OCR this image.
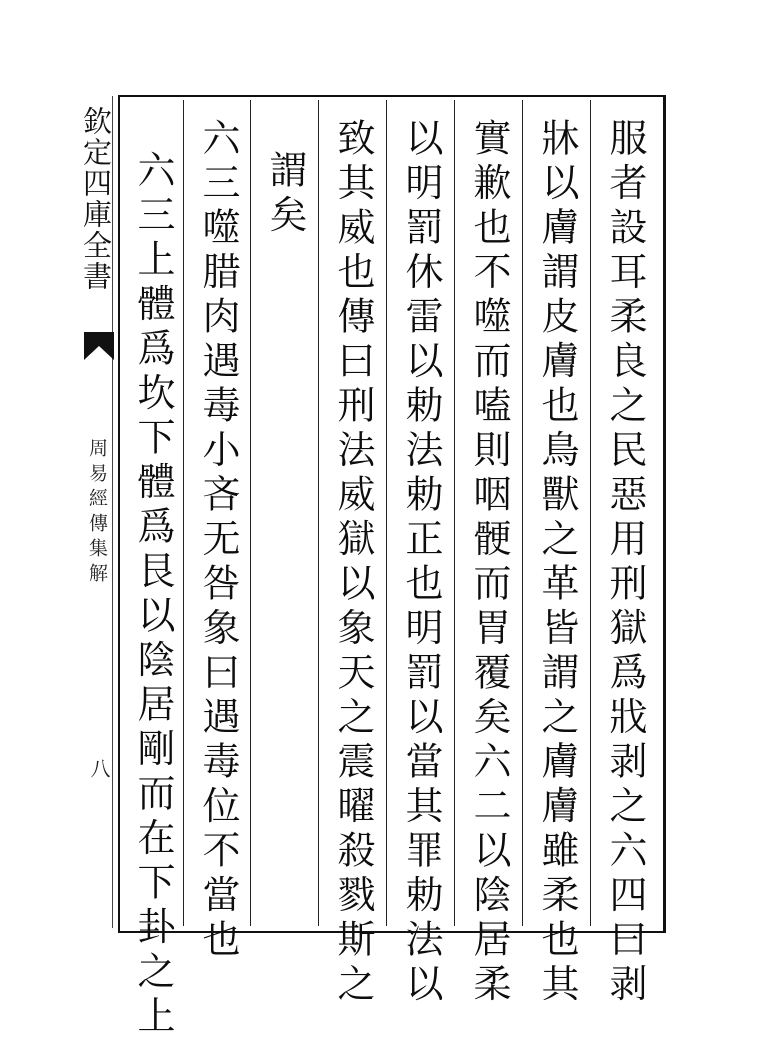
欽定四庫全書
周易經傳集解
八	服者設耳柔良之民惡用刑獄爲戕剥之六四曰剥
牀以膚謂皮膚也鳥獸之革皆謂之膚膚雖柔也其
實歉也不噬而嗑則咽骾而胃覆矣六二以陰居柔
以明罰休雷以勅法勅正也明罰以當其罪勅法以
致其威也傳曰刑法威獄以象天之震曜殺戮斯之
謂矣
六三噬腊肉遇毒小吝无咎象曰遇毒位不當也
六三上體爲坎下體爲艮以陰居剛而在下卦之上
